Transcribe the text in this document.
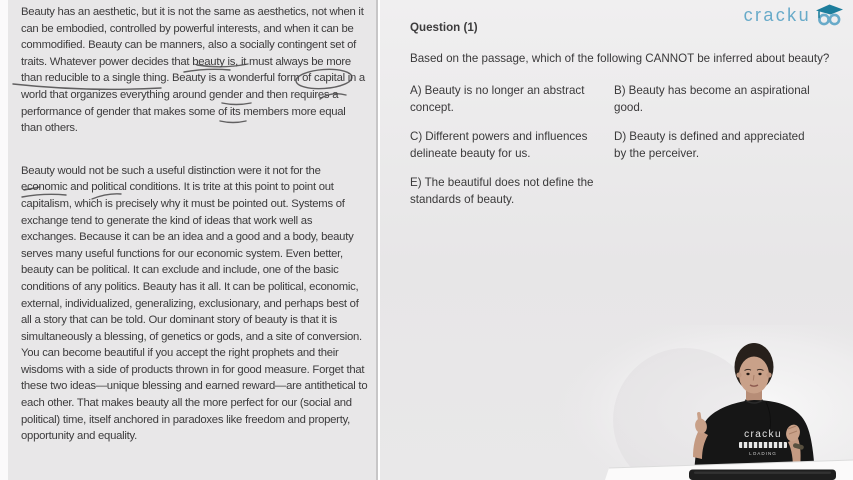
Beauty has an aesthetic, but it is not the same as aesthetics, not when it can be embodied, controlled by powerful interests, and when it can be commodified. Beauty can be manners, also a socially contingent set of traits. Whatever power decides that beauty is, it must always be more than reducible to a single thing. Beauty is a wonderful form of capital in a world that organizes everything around gender and then requires a performance of gender that makes some of its members more equal than others.

Beauty would not be such a useful distinction were it not for the economic and political conditions. It is trite at this point to point out capitalism, which is precisely why it must be pointed out. Systems of exchange tend to generate the kind of ideas that work well as exchanges. Because it can be an idea and a good and a body, beauty serves many useful functions for our economic system. Even better, beauty can be political. It can exclude and include, one of the basic conditions of any politics. Beauty has it all. It can be political, economic, external, individualized, generalizing, exclusionary, and perhaps best of all a story that can be told. Our dominant story of beauty is that it is simultaneously a blessing, of genetics or gods, and a site of conversion. You can become beautiful if you accept the right prophets and their wisdoms with a side of products thrown in for good measure. Forget that these two ideas—unique blessing and earned reward—are antithetical to each other. That makes beauty all the more perfect for our (social and political) time, itself anchored in paradoxes like freedom and property, opportunity and equality.

Question (1)

Based on the passage, which of the following CANNOT be inferred about beauty?

A) Beauty is no longer an abstract concept.
B) Beauty has become an aspirational good.
C) Different powers and influences delineate beauty for us.
D) Beauty is defined and appreciated by the perceiver.
E) The beautiful does not define the standards of beauty.
cracku
cracku
LOADING
